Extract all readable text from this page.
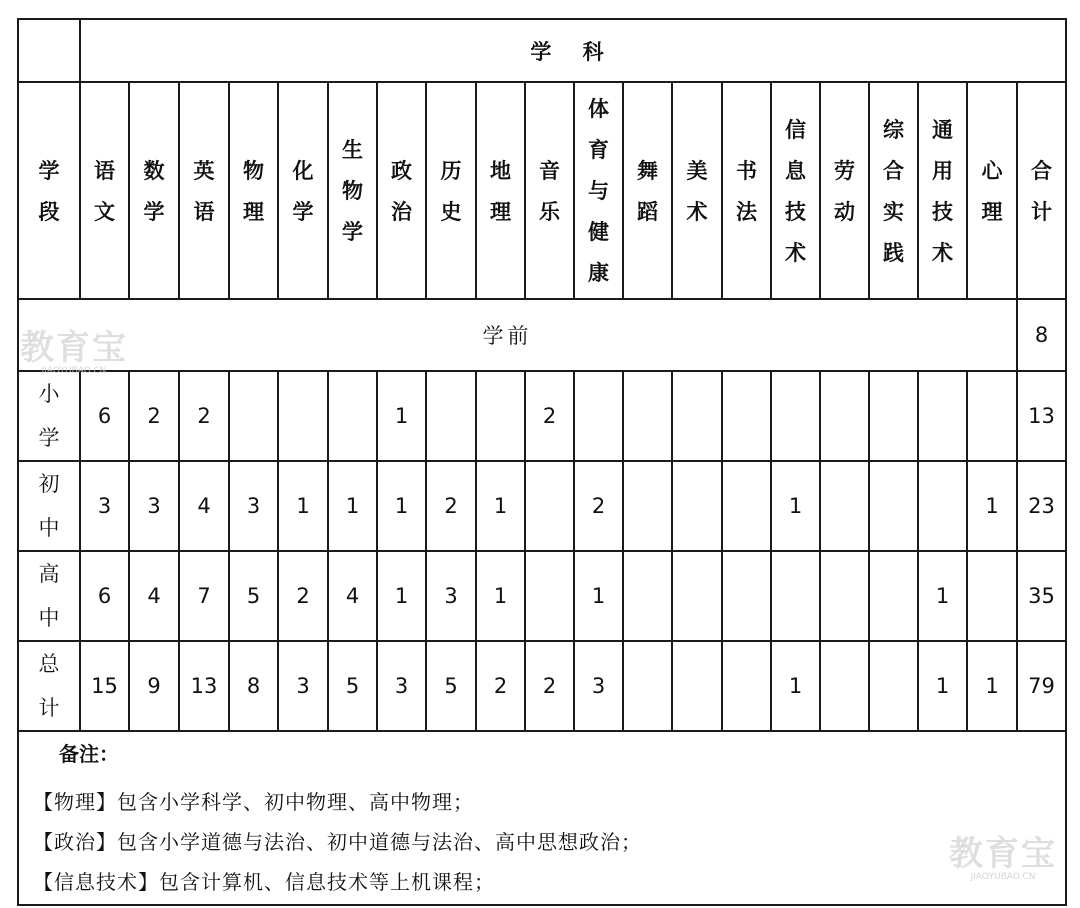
	学 科																			
学段	语文	数学	英语	物理	化学	生物学	政治	历史	地理	音乐	体育与健康	舞蹈	美术	书法	信息技术	劳动	综合实践	通用技术	心理	合计
学前																				8
小学	6	2	2				1			2										13
初中	3	3	4	3	1	1	1	2	1		2				1				1	23
高中	6	4	7	5	2	4	1	3	1		1							1		35
总计	15	9	13	8	3	5	3	5	2	2	3				1			1	1	79

备注：
【物理】包含小学科学、初中物理、高中物理；
【政治】包含小学道德与法治、初中道德与法治、高中思想政治；
【信息技术】包含计算机、信息技术等上机课程；																				
教育宝
JIAOYUBAO.CN
教育宝
JIAOYUBAO.CN
